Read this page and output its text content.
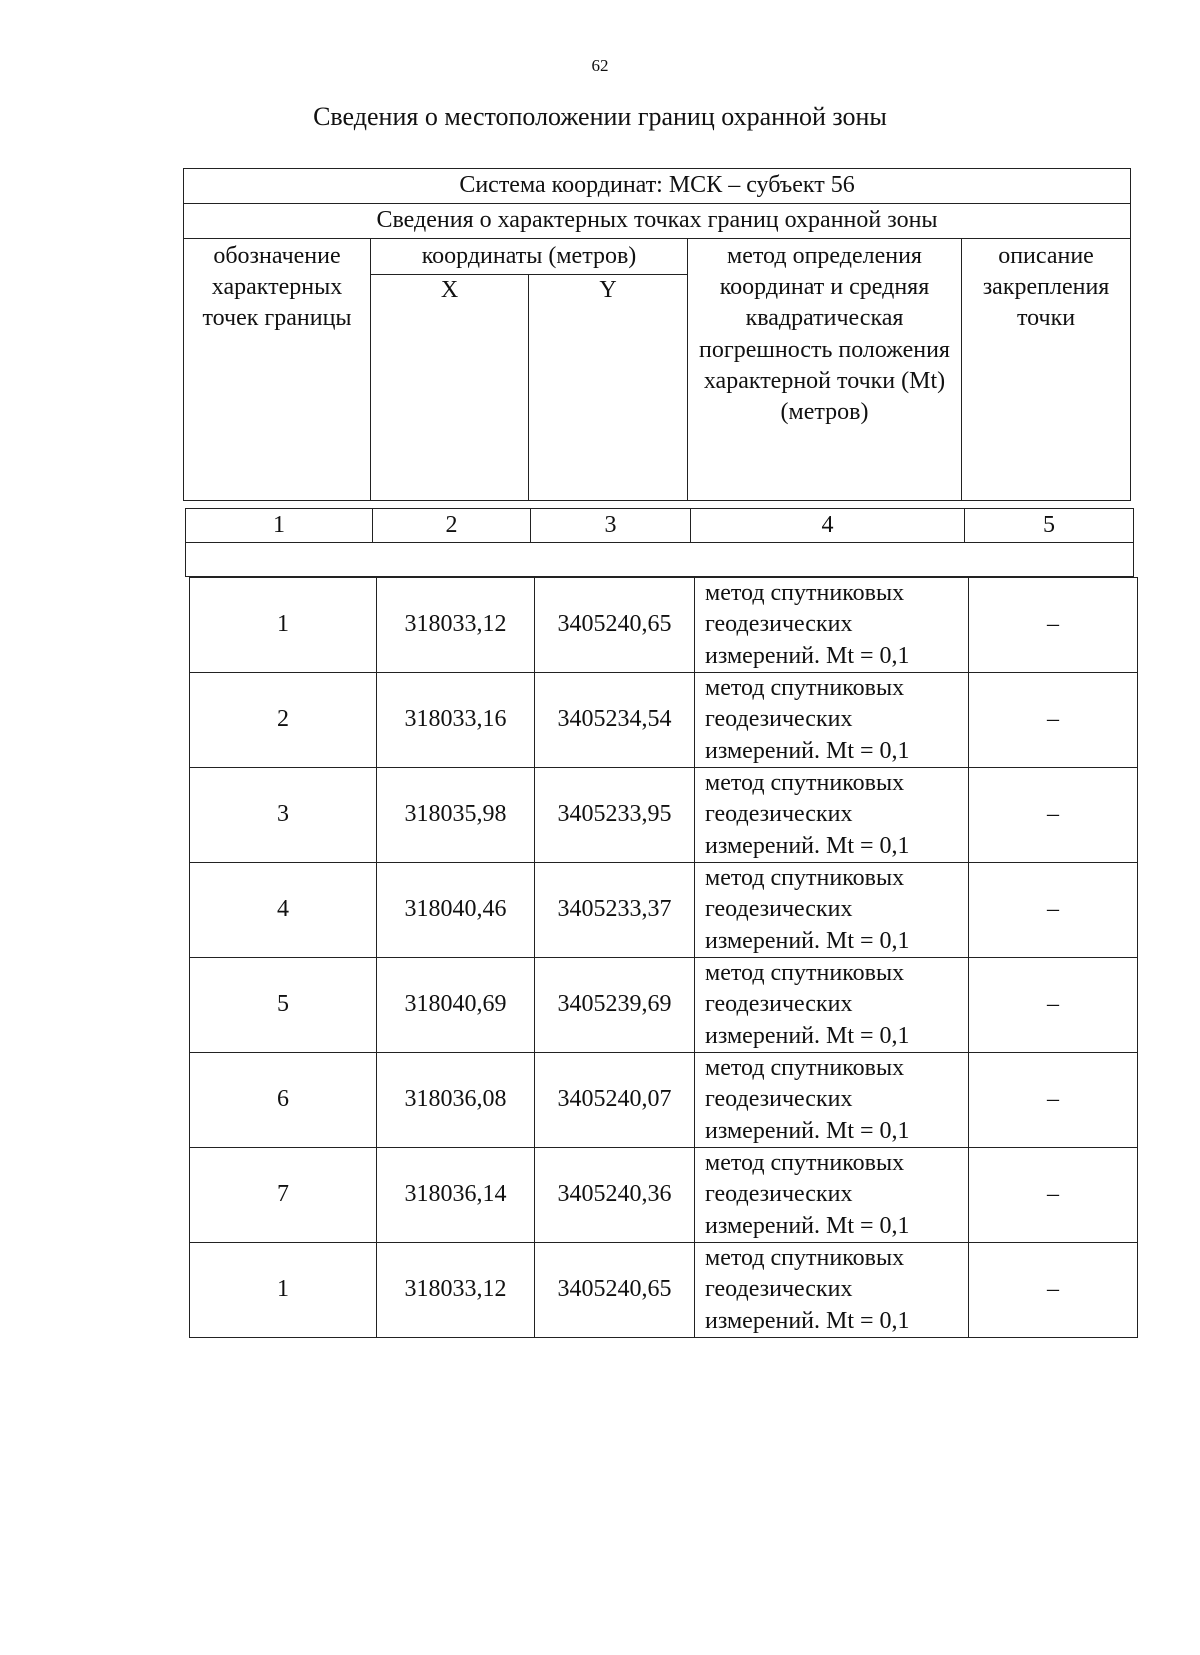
62
Сведения о местоположении границ охранной зоны
Система координат: МСК – субъект 56				
Сведения о характерных точках границ охранной зоны				
обозначение характерных точек границы	координаты (метров)		метод определения координат и средняя квадратическая погрешность положения характерной точки (Mt) (метров)	описание закрепления точки
	X	Y		
1	2	3	4	5

1	318033,12	3405240,65	метод спутниковых геодезических измерений. Mt = 0,1	–
2	318033,16	3405234,54	метод спутниковых геодезических измерений. Mt = 0,1	–
3	318035,98	3405233,95	метод спутниковых геодезических измерений. Mt = 0,1	–
4	318040,46	3405233,37	метод спутниковых геодезических измерений. Mt = 0,1	–
5	318040,69	3405239,69	метод спутниковых геодезических измерений. Mt = 0,1	–
6	318036,08	3405240,07	метод спутниковых геодезических измерений. Mt = 0,1	–
7	318036,14	3405240,36	метод спутниковых геодезических измерений. Mt = 0,1	–
1	318033,12	3405240,65	метод спутниковых геодезических измерений. Mt = 0,1	–
